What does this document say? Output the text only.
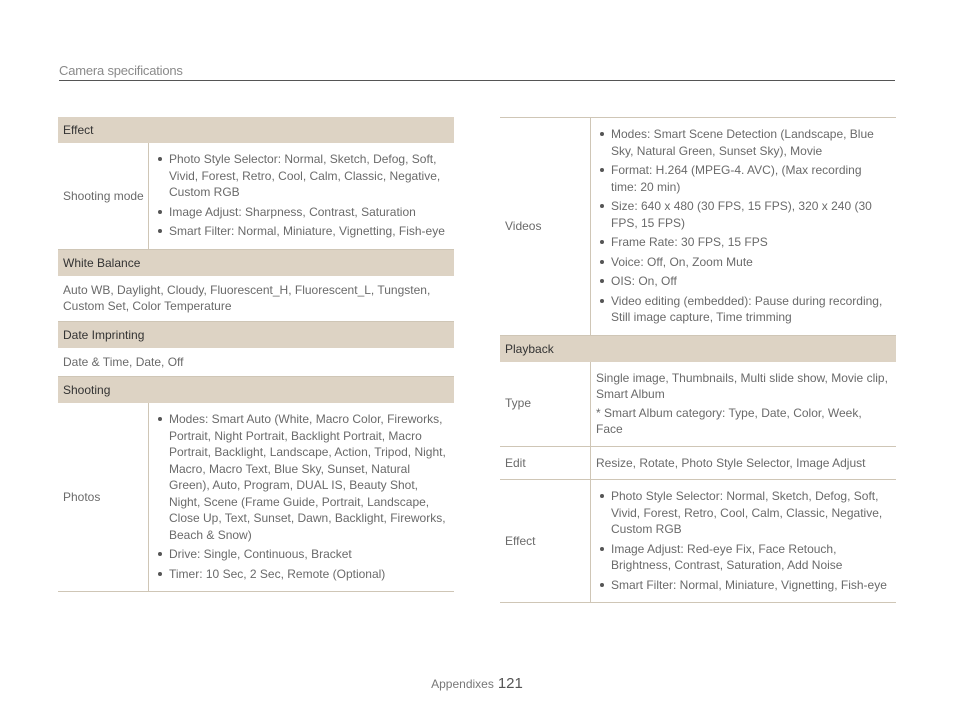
Camera specifications
Effect
Shooting mode
Photo Style Selector: Normal, Sketch, Defog, Soft, Vivid, Forest, Retro, Cool, Calm, Classic, Negative, Custom RGB
Image Adjust: Sharpness, Contrast, Saturation
Smart Filter: Normal, Miniature, Vignetting, Fish-eye
White Balance
Auto WB, Daylight, Cloudy, Fluorescent_H, Fluorescent_L, Tungsten, Custom Set, Color Temperature
Date Imprinting
Date & Time, Date, Off
Shooting
Photos
Modes: Smart Auto (White, Macro Color, Fireworks, Portrait, Night Portrait, Backlight Portrait, Macro Portrait, Backlight, Landscape, Action, Tripod, Night, Macro, Macro Text, Blue Sky, Sunset, Natural Green), Auto, Program, DUAL IS, Beauty Shot, Night, Scene (Frame Guide, Portrait, Landscape, Close Up, Text, Sunset, Dawn, Backlight, Fireworks, Beach & Snow)
Drive: Single, Continuous, Bracket
Timer: 10 Sec, 2 Sec, Remote (Optional)
Videos
Modes: Smart Scene Detection (Landscape, Blue Sky, Natural Green, Sunset Sky), Movie
Format: H.264 (MPEG-4. AVC), (Max recording time: 20 min)
Size: 640 x 480 (30 FPS, 15 FPS), 320 x 240 (30 FPS, 15 FPS)
Frame Rate: 30 FPS, 15 FPS
Voice: Off, On, Zoom Mute
OIS: On, Off
Video editing (embedded): Pause during recording, Still image capture, Time trimming
Playback
Type
Single image, Thumbnails, Multi slide show, Movie clip, Smart Album
* Smart Album category: Type, Date, Color, Week, Face
Edit	Resize, Rotate, Photo Style Selector, Image Adjust
Effect
Photo Style Selector: Normal, Sketch, Defog, Soft, Vivid, Forest, Retro, Cool, Calm, Classic, Negative, Custom RGB
Image Adjust: Red-eye Fix, Face Retouch, Brightness, Contrast, Saturation, Add Noise
Smart Filter: Normal, Miniature, Vignetting, Fish-eye
Appendixes 121
